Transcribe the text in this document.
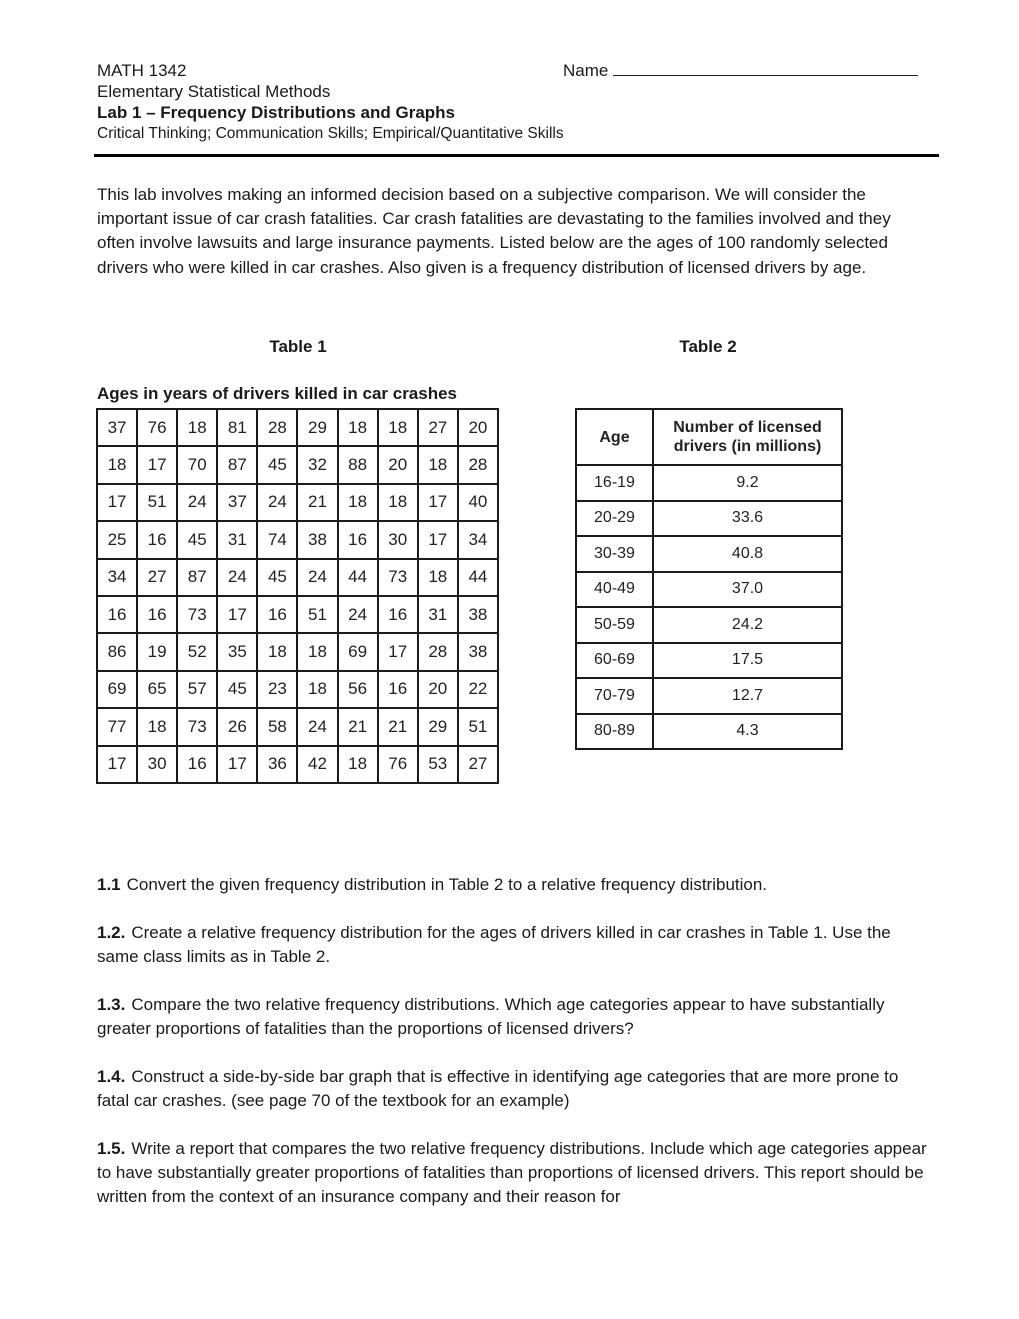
MATH 1342
Elementary Statistical Methods
Lab 1 – Frequency Distributions and Graphs
Critical Thinking; Communication Skills; Empirical/Quantitative Skills
Name

This lab involves making an informed decision based on a subjective comparison. We will consider the important issue of car crash fatalities. Car crash fatalities are devastating to the families involved and they often involve lawsuits and large insurance payments. Listed below are the ages of 100 randomly selected drivers who were killed in car crashes. Also given is a frequency distribution of licensed drivers by age.

Table 1	Table 2
Ages in years of drivers killed in car crashes
37	76	18	81	28	29	18	18	27	20
18	17	70	87	45	32	88	20	18	28
17	51	24	37	24	21	18	18	17	40
25	16	45	31	74	38	16	30	17	34
34	27	87	24	45	24	44	73	18	44
16	16	73	17	16	51	24	16	31	38
86	19	52	35	18	18	69	17	28	38
69	65	57	45	23	18	56	16	20	22
77	18	73	26	58	24	21	21	29	51
17	30	16	17	36	42	18	76	53	27
Age	Number of licensed drivers (in millions)
16-19	9.2
20-29	33.6
30-39	40.8
40-49	37.0
50-59	24.2
60-69	17.5
70-79	12.7
80-89	4.3

1.1 Convert the given frequency distribution in Table 2 to a relative frequency distribution.

1.2. Create a relative frequency distribution for the ages of drivers killed in car crashes in Table 1. Use the same class limits as in Table 2.

1.3. Compare the two relative frequency distributions. Which age categories appear to have substantially greater proportions of fatalities than the proportions of licensed drivers?

1.4. Construct a side-by-side bar graph that is effective in identifying age categories that are more prone to fatal car crashes. (see page 70 of the textbook for an example)

1.5. Write a report that compares the two relative frequency distributions. Include which age categories appear to have substantially greater proportions of fatalities than proportions of licensed drivers. This report should be written from the context of an insurance company and their reason for
